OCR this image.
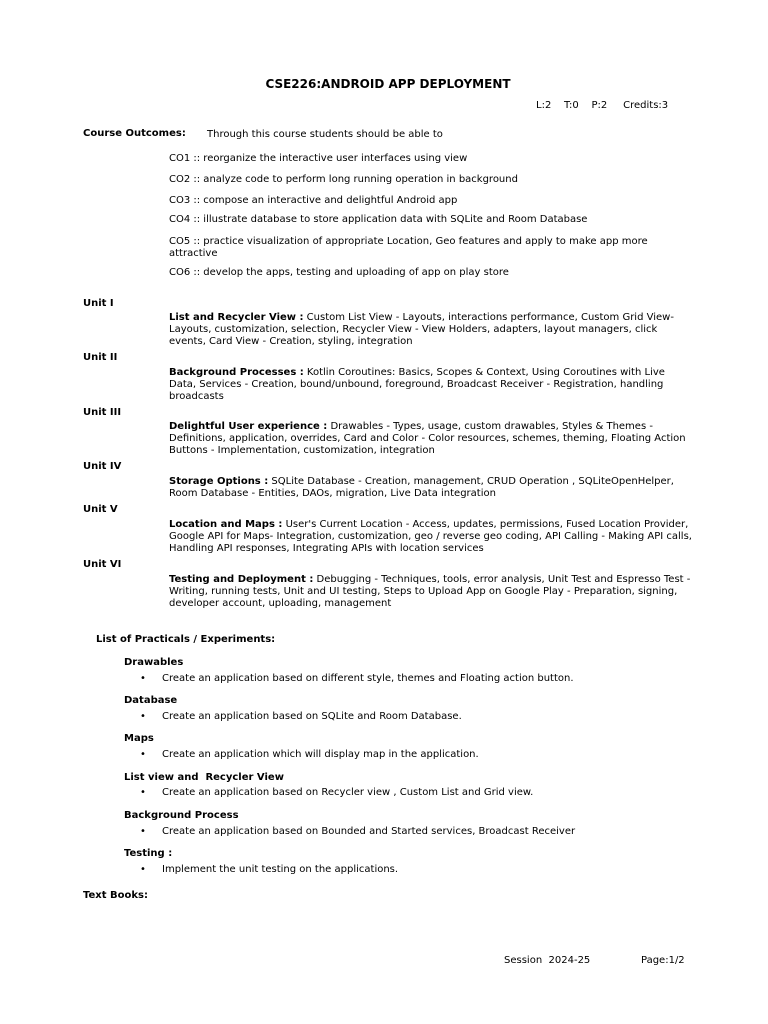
CSE226:ANDROID APP DEPLOYMENT
L:2    T:0    P:2     Credits:3
Course Outcomes: Through this course students should be able to
CO1 :: reorganize the interactive user interfaces using view
CO2 :: analyze code to perform long running operation in background
CO3 :: compose an interactive and delightful Android app
CO4 :: illustrate database to store application data with SQLite and Room Database
CO5 :: practice visualization of appropriate Location, Geo features and apply to make app more attractive
CO6 :: develop the apps, testing and uploading of app on play store
Unit I
List and Recycler View : Custom List View - Layouts, interactions performance, Custom Grid View-Layouts, customization, selection, Recycler View - View Holders, adapters, layout managers, click events, Card View - Creation, styling, integration
Unit II
Background Processes : Kotlin Coroutines: Basics, Scopes & Context, Using Coroutines with Live Data, Services - Creation, bound/unbound, foreground, Broadcast Receiver - Registration, handling broadcasts
Unit III
Delightful User experience : Drawables - Types, usage, custom drawables, Styles & Themes - Definitions, application, overrides, Card and Color - Color resources, schemes, theming, Floating Action Buttons - Implementation, customization, integration
Unit IV
Storage Options : SQLite Database - Creation, management, CRUD Operation , SQLiteOpenHelper, Room Database - Entities, DAOs, migration, Live Data integration
Unit V
Location and Maps : User's Current Location - Access, updates, permissions, Fused Location Provider, Google API for Maps- Integration, customization, geo / reverse geo coding, API Calling - Making API calls, Handling API responses, Integrating APIs with location services
Unit VI
Testing and Deployment : Debugging - Techniques, tools, error analysis, Unit Test and Espresso Test - Writing, running tests, Unit and UI testing, Steps to Upload App on Google Play - Preparation, signing, developer account, uploading, management
List of Practicals / Experiments:
Drawables
• Create an application based on different style, themes and Floating action button.
Database
• Create an application based on SQLite and Room Database.
Maps
• Create an application which will display map in the application.
List view and  Recycler View
• Create an application based on Recycler view , Custom List and Grid view.
Background Process
• Create an application based on Bounded and Started services, Broadcast Receiver
Testing :
• Implement the unit testing on the applications.
Text Books:
Session  2024-25	Page:1/2
